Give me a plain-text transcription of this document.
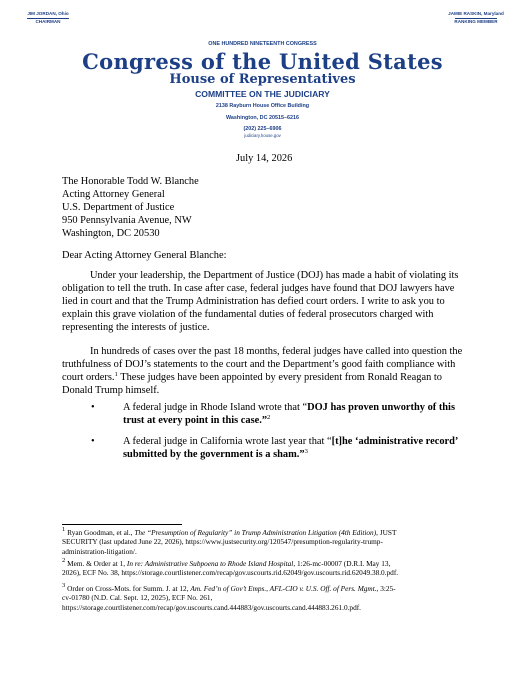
JIM JORDAN, Ohio
CHAIRMAN
JAMIE RASKIN, Maryland
RANKING MEMBER
ONE HUNDRED NINETEENTH CONGRESS
Congress of the United States
House of Representatives
COMMITTEE ON THE JUDICIARY
2138 Rayburn House Office Building
Washington, DC 20515–6216
(202) 225–6906
judiciary.house.gov
July 14, 2026
The Honorable Todd W. Blanche
Acting Attorney General
U.S. Department of Justice
950 Pennsylvania Avenue, NW
Washington, DC 20530
Dear Acting Attorney General Blanche:
Under your leadership, the Department of Justice (DOJ) has made a habit of violating its
obligation to tell the truth. In case after case, federal judges have found that DOJ lawyers have
lied in court and that the Trump Administration has defied court orders. I write to ask you to
explain this grave violation of the fundamental duties of federal prosecutors charged with
representing the interests of justice.
In hundreds of cases over the past 18 months, federal judges have called into question the
truthfulness of DOJ’s statements to the court and the Department’s good faith compliance with
court orders.$^1$ These judges have been appointed by every president from Ronald Reagan to
Donald Trump himself.
•	A federal judge in Rhode Island wrote that “DOJ has proven unworthy of this
trust at every point in this case.”$^2$
•	A federal judge in California wrote last year that “[t]he ‘administrative record’
submitted by the government is a sham.”$^3$
$^1$ Ryan Goodman, et al., The “Presumption of Regularity” in Trump Administration Litigation (4th Edition), JUST
SECURITY (last updated June 22, 2026), https://www.justsecurity.org/120547/presumption-regularity-trump-
administration-litigation/.
$^2$ Mem. & Order at 1, In re: Administrative Subpoena to Rhode Island Hospital, 1:26-mc-00007 (D.R.I. May 13,
2026), ECF No. 38, https://storage.courtlistener.com/recap/gov.uscourts.rid.62049/gov.uscourts.rid.62049.38.0.pdf.
$^3$ Order on Cross-Mots. for Summ. J. at 12, Am. Fed’n of Gov’t Emps., AFL-CIO v. U.S. Off. of Pers. Mgmt., 3:25-
cv-01780 (N.D. Cal. Sept. 12, 2025), ECF No. 261,
https://storage.courtlistener.com/recap/gov.uscourts.cand.444883/gov.uscourts.cand.444883.261.0.pdf.
